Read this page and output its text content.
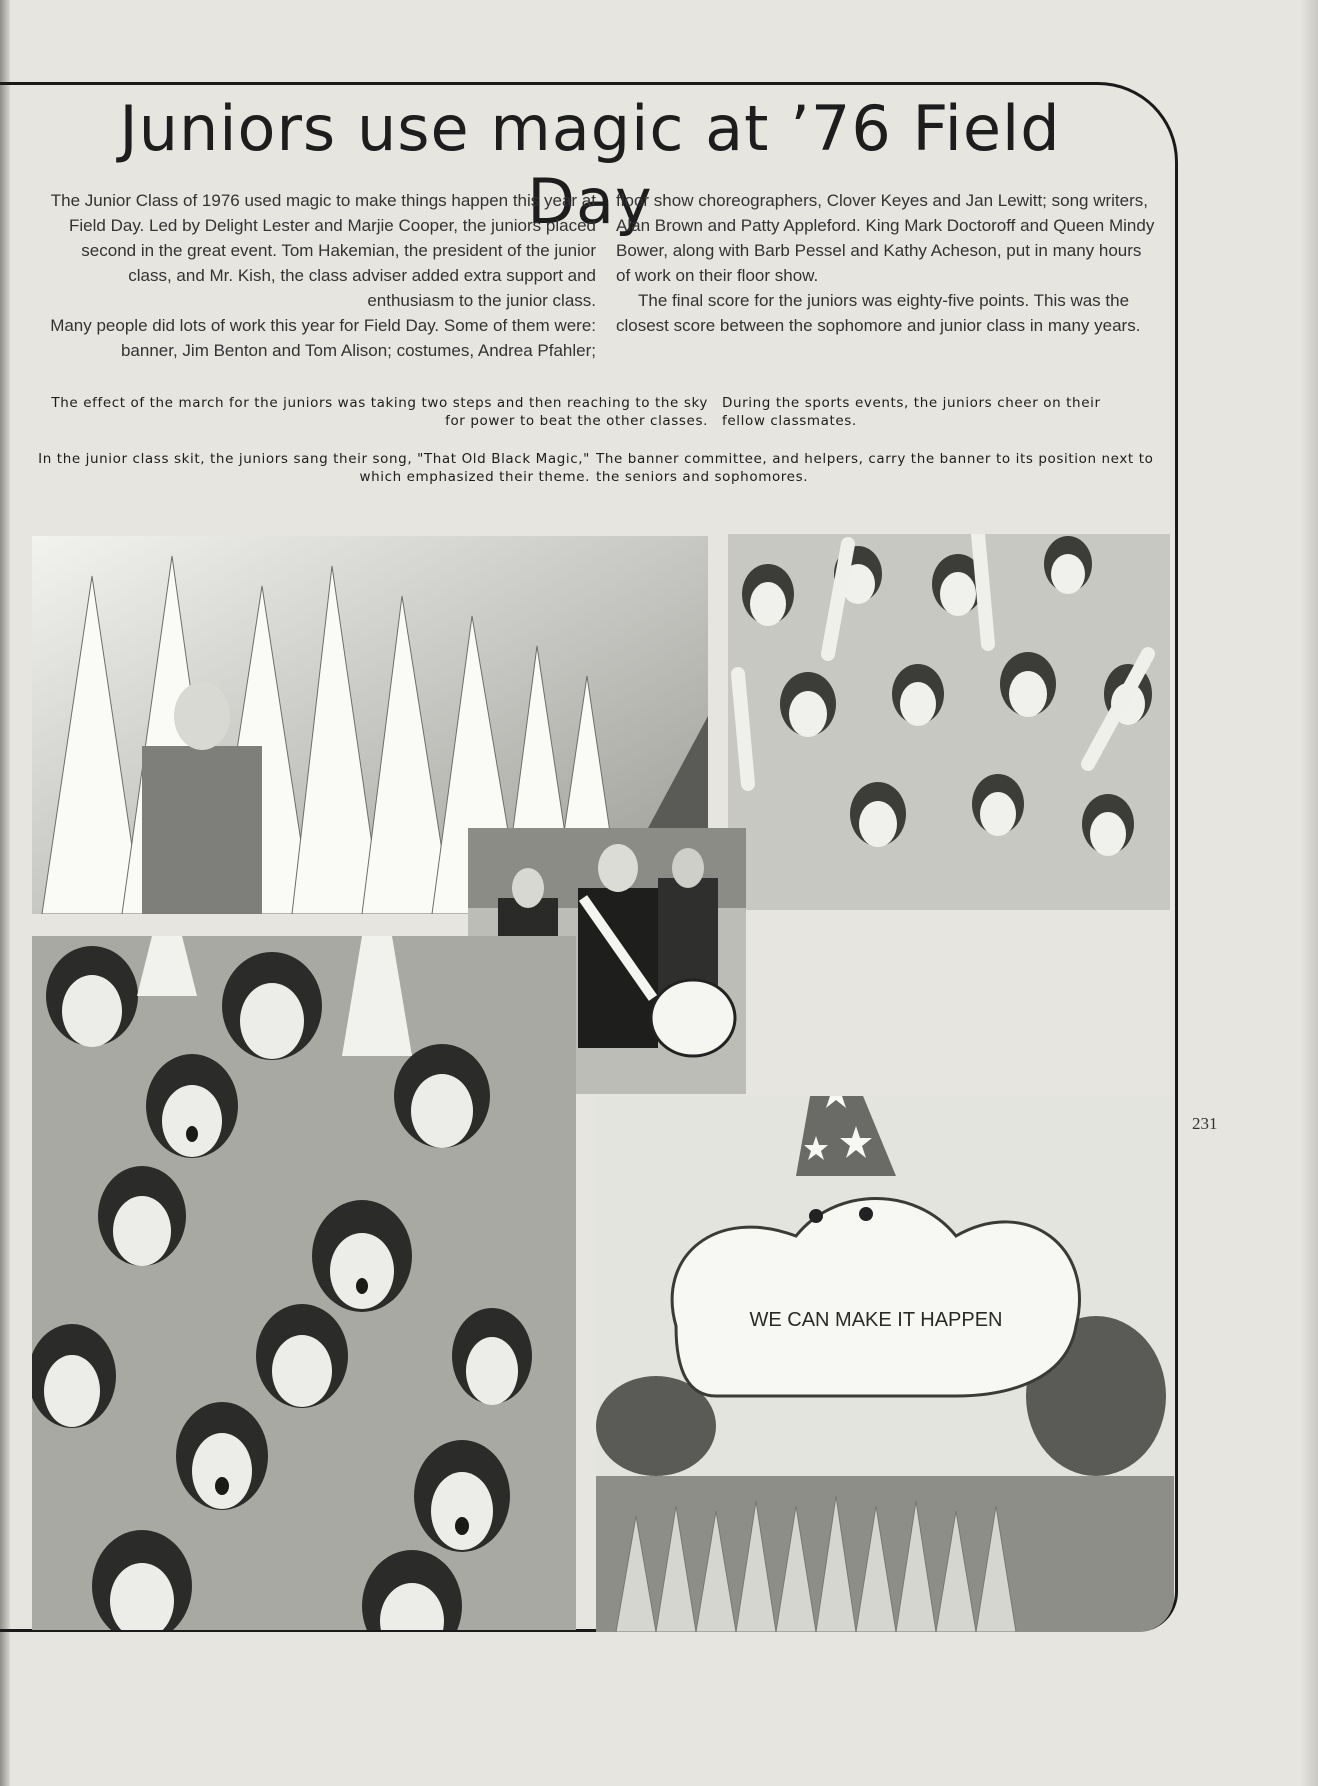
Juniors use magic at ’76 Field Day

The Junior Class of 1976 used magic to make things happen this year at Field Day. Led by Delight Lester and Marjie Cooper, the juniors placed second in the great event. Tom Hakemian, the president of the junior class, and Mr. Kish, the class adviser added extra support and enthusiasm to the junior class.

Many people did lots of work this year for Field Day. Some of them were: banner, Jim Benton and Tom Alison; costumes, Andrea Pfahler;

floor show choreographers, Clover Keyes and Jan Lewitt; song writers, Alan Brown and Patty Appleford. King Mark Doctoroff and Queen Mindy Bower, along with Barb Pessel and Kathy Acheson, put in many hours of work on their floor show.

The final score for the juniors was eighty-five points. This was the closest score between the sophomore and junior class in many years.

The effect of the march for the juniors was taking two steps and then reaching to the sky for power to beat the other classes.
During the sports events, the juniors cheer on their fellow classmates.
In the junior class skit, the juniors sang their song, "That Old Black Magic," which emphasized their theme.
The banner committee, and helpers, carry the banner to its position next to the seniors and sophomores.
WE CAN MAKE IT HAPPEN
231
